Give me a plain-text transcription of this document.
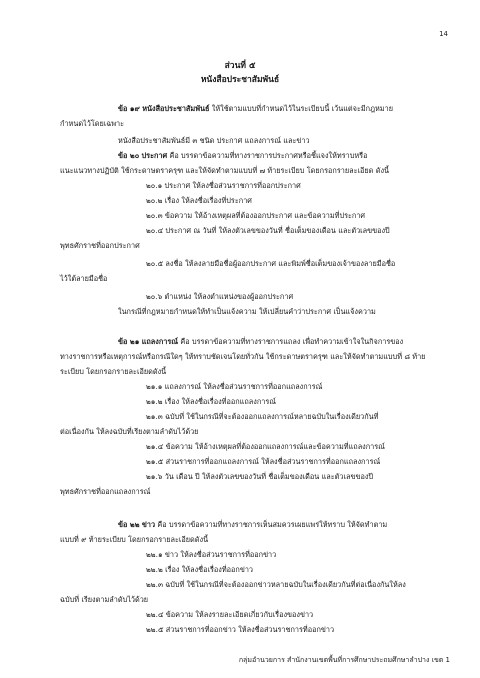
14
ส่วนที่ ๕
หนังสือประชาสัมพันธ์
ข้อ ๑๙ หนังสือประชาสัมพันธ์ ให้ใช้ตามแบบที่กำหนดไว้ในระเบียบนี้ เว้นแต่จะมีกฎหมาย
กำหนดไว้โดยเฉพาะ
หนังสือประชาสัมพันธ์มี ๓ ชนิด ประกาศ แถลงการณ์ และข่าว
ข้อ ๒๐ ประกาศ คือ บรรดาข้อความที่ทางราชการประกาศหรือชี้แจงให้ทราบหรือ
แนะแนวทางปฏิบัติ ใช้กระดาษตราครุฑ และให้จัดทำตามแบบที่ ๗ ท้ายระเบียบ โดยกรอกรายละเอียด ดังนี้
๒๐.๑ ประกาศ ให้ลงชื่อส่วนราชการที่ออกประกาศ
๒๐.๒ เรื่อง ให้ลงชื่อเรื่องที่ประกาศ
๒๐.๓ ข้อความ ให้อ้างเหตุผลที่ต้องออกประกาศ และข้อความที่ประกาศ
๒๐.๔ ประกาศ ณ วันที่ ให้ลงตัวเลขของวันที่ ชื่อเต็มของเดือน และตัวเลขของปี
พุทธศักราชที่ออกประกาศ
๒๐.๕ ลงชื่อ ให้ลงลายมือชื่อผู้ออกประกาศ และพิมพ์ชื่อเต็มของเจ้าของลายมือชื่อ
ไว้ใต้ลายมือชื่อ
๒๐.๖ ตำแหน่ง ให้ลงตำแหน่งของผู้ออกประกาศ
ในกรณีที่กฎหมายกำหนดให้ทำเป็นแจ้งความ ให้เปลี่ยนคำว่าประกาศ เป็นแจ้งความ
ข้อ ๒๑ แถลงการณ์ คือ บรรดาข้อความที่ทางราชการแถลง เพื่อทำความเข้าใจในกิจการของ
ทางราชการหรือเหตุการณ์หรือกรณีใดๆ ให้ทราบชัดเจนโดยทั่วกัน ใช้กระดาษตราครุฑ และให้จัดทำตามแบบที่ ๘ ท้าย
ระเบียบ โดยกรอกรายละเอียดดังนี้
๒๑.๑ แถลงการณ์ ให้ลงชื่อส่วนราชการที่ออกแถลงการณ์
๒๑.๒ เรื่อง ให้ลงชื่อเรื่องที่ออกแถลงการณ์
๒๑.๓ ฉบับที่ ใช้ในกรณีที่จะต้องออกแถลงการณ์หลายฉบับในเรื่องเดียวกันที่
ต่อเนื่องกัน ให้ลงฉบับที่เรียงตามลำดับไว้ด้วย
๒๑.๔ ข้อความ ให้อ้างเหตุผลที่ต้องออกแถลงการณ์และข้อความที่แถลงการณ์
๒๑.๕ ส่วนราชการที่ออกแถลงการณ์ ให้ลงชื่อส่วนราชการที่ออกแถลงการณ์
๒๑.๖ วัน เดือน ปี ให้ลงตัวเลขของวันที่ ชื่อเต็มของเดือน และตัวเลขของปี
พุทธศักราชที่ออกแถลงการณ์
ข้อ ๒๒ ข่าว คือ บรรดาข้อความที่ทางราชการเห็นสมควรเผยแพร่ให้ทราบ ให้จัดทำตาม
แบบที่ ๙ ท้ายระเบียบ โดยกรอกรายละเอียดดังนี้
๒๒.๑ ข่าว ให้ลงชื่อส่วนราชการที่ออกข่าว
๒๒.๒ เรื่อง ให้ลงชื่อเรื่องที่ออกข่าว
๒๒.๓ ฉบับที่ ใช้ในกรณีที่จะต้องออกข่าวหลายฉบับในเรื่องเดียวกันที่ต่อเนื่องกันให้ลง
ฉบับที่ เรียงตามลำดับไว้ด้วย
๒๒.๔ ข้อความ ให้ลงรายละเอียดเกี่ยวกับเรื่องของข่าว
๒๒.๕ ส่วนราชการที่ออกข่าว ให้ลงชื่อส่วนราชการที่ออกข่าว
กลุ่มอำนวยการ สำนักงานเขตพื้นที่การศึกษาประถมศึกษาลำปาง เขต 1
